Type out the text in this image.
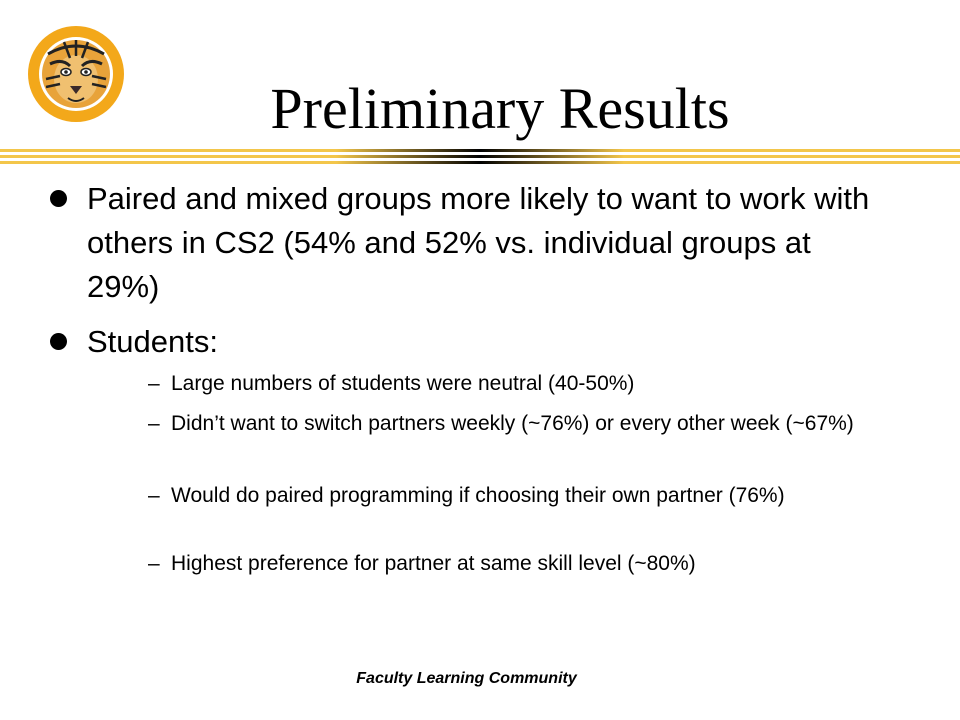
Preliminary Results
Paired and mixed groups more likely to want to work with others in CS2 (54% and 52% vs. individual groups at 29%)
Students:
– Large numbers of students were neutral (40-50%)
– Didn’t want to switch partners weekly (~76%) or every other week (~67%)
– Would do paired programming if choosing their own partner (76%)
– Highest preference for partner at same skill level (~80%)
Faculty Learning Community
